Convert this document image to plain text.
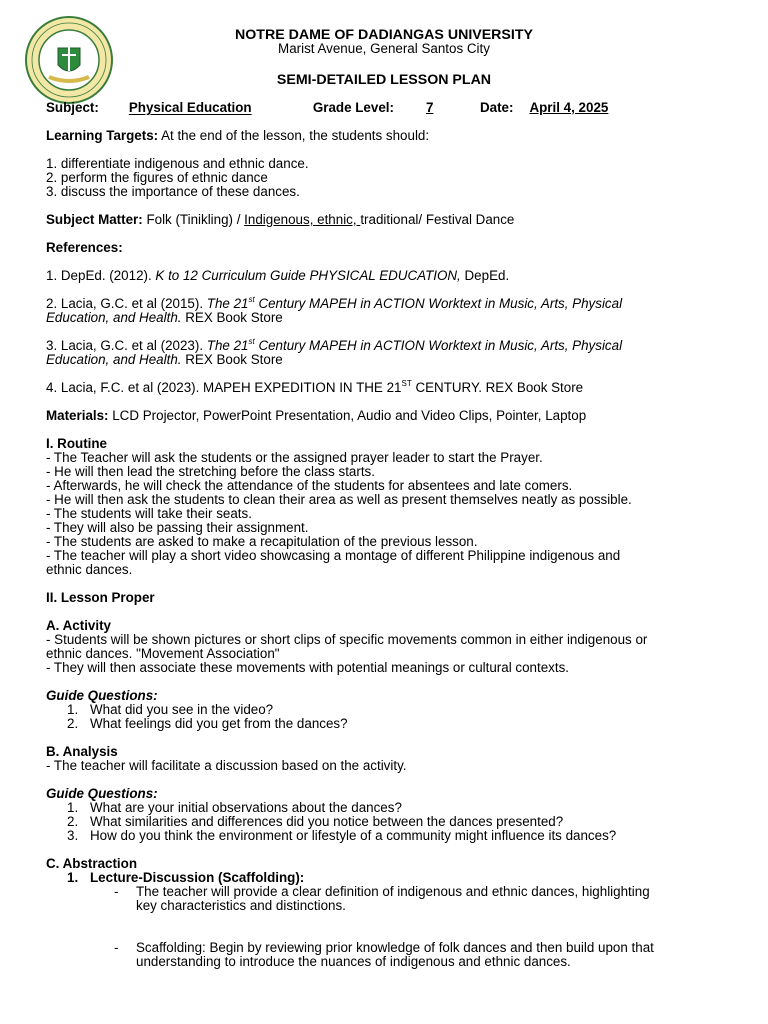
NOTRE DAME OF DADIANGAS UNIVERSITY
Marist Avenue, General Santos City
SEMI-DETAILED LESSON PLAN
Subject: Physical Education	Grade Level: 7	Date: April 4, 2025
Learning Targets: At the end of the lesson, the students should:
1. differentiate indigenous and ethnic dance.
2. perform the figures of ethnic dance
3. discuss the importance of these dances.
Subject Matter: Folk (Tinikling) / Indigenous, ethnic, traditional/ Festival Dance
References:
1. DepEd. (2012). K to 12 Curriculum Guide PHYSICAL EDUCATION, DepEd.
2. Lacia, G.C. et al (2015). The 21st Century MAPEH in ACTION Worktext in Music, Arts, Physical
Education, and Health. REX Book Store
3. Lacia, G.C. et al (2023). The 21st Century MAPEH in ACTION Worktext in Music, Arts, Physical
Education, and Health. REX Book Store
4. Lacia, F.C. et al (2023). MAPEH EXPEDITION IN THE 21ST CENTURY. REX Book Store
Materials: LCD Projector, PowerPoint Presentation, Audio and Video Clips, Pointer, Laptop
I. Routine
- The Teacher will ask the students or the assigned prayer leader to start the Prayer.
- He will then lead the stretching before the class starts.
- Afterwards, he will check the attendance of the students for absentees and late comers.
- He will then ask the students to clean their area as well as present themselves neatly as possible.
- The students will take their seats.
- They will also be passing their assignment.
- The students are asked to make a recapitulation of the previous lesson.
- The teacher will play a short video showcasing a montage of different Philippine indigenous and
ethnic dances.
II. Lesson Proper
A. Activity
- Students will be shown pictures or short clips of specific movements common in either indigenous or
ethnic dances. "Movement Association"
- They will then associate these movements with potential meanings or cultural contexts.
Guide Questions:
1. What did you see in the video?
2. What feelings did you get from the dances?
B. Analysis
- The teacher will facilitate a discussion based on the activity.
Guide Questions:
1. What are your initial observations about the dances?
2. What similarities and differences did you notice between the dances presented?
3. How do you think the environment or lifestyle of a community might influence its dances?
C. Abstraction
1. Lecture-Discussion (Scaffolding):
- The teacher will provide a clear definition of indigenous and ethnic dances, highlighting
key characteristics and distinctions.
- Scaffolding: Begin by reviewing prior knowledge of folk dances and then build upon that
understanding to introduce the nuances of indigenous and ethnic dances.
